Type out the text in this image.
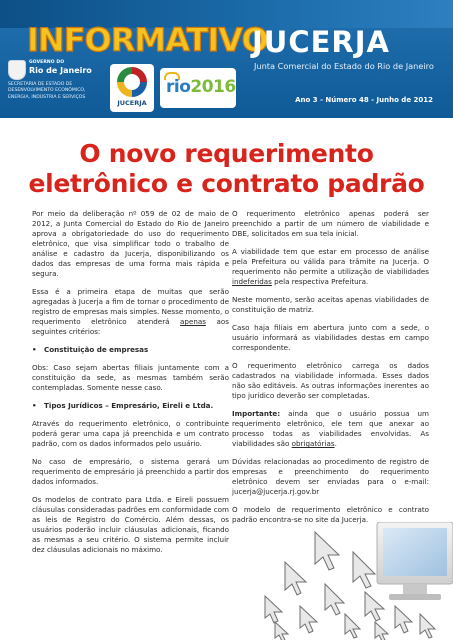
INFORMATIVO
JUCERJA
Junta Comercial do Estado do Rio de Janeiro
GOVERNO DO
Rio de Janeiro
SECRETARIA DE ESTADO DE DESENVOLVIMENTO ECONÔMICO, ENERGIA, INDÚSTRIA E SERVIÇOS
JUCERJA
rio2016
Ano 3 - Número 48 - Junho de 2012
O novo requerimento
eletrônico e contrato padrão

Por meio da deliberação nº 059 de 02 de maio de 2012, a Junta Comercial do Estado do Rio de Janeiro aprova a obrigatoriedade do uso do requerimento eletrônico, que visa simplificar todo o trabalho de análise e cadastro da Jucerja, disponibilizando os dados das empresas de uma forma mais rápida e segura.

Essa é a primeira etapa de muitas que serão agregadas à Jucerja a fim de tornar o procedimento de registro de empresas mais simples. Nesse momento, o requerimento eletrônico atenderá apenas aos seguintes critérios:

• Constituição de empresas

Obs: Caso sejam abertas filiais juntamente com a constituição da sede, as mesmas também serão contempladas. Somente nesse caso.

• Tipos Jurídicos – Empresário, Eireli e Ltda.

Através do requerimento eletrônico, o contribuinte poderá gerar uma capa já preenchida e um contrato padrão, com os dados informados pelo usuário.

No caso de empresário, o sistema gerará um requerimento de empresário já preenchido a partir dos dados informados.

Os modelos de contrato para Ltda. e Eireli possuem cláusulas consideradas padrões em conformidade com as leis de Registro do Comércio. Além dessas, os usuários poderão incluir cláusulas adicionais, ficando as mesmas a seu critério. O sistema permite incluir dez cláusulas adicionais no máximo.

O requerimento eletrônico apenas poderá ser preenchido a partir de um número de viabilidade e DBE, solicitados em sua tela inicial.

A viabilidade tem que estar em processo de análise pela Prefeitura ou válida para trâmite na Jucerja. O requerimento não permite a utilização de viabilidades indeferidas pela respectiva Prefeitura.

Neste momento, serão aceitas apenas viabilidades de constituição de matriz.

Caso haja filiais em abertura junto com a sede, o usuário informará as viabilidades destas em campo correspondente.

O requerimento eletrônico carrega os dados cadastrados na viabilidade informada. Esses dados não são editáveis. As outras informações inerentes ao tipo jurídico deverão ser completadas.

Importante: ainda que o usuário possua um requerimento eletrônico, ele tem que anexar ao processo todas as viabilidades envolvidas. As viabilidades são obrigatórias.

Dúvidas relacionadas ao procedimento de registro de empresas e preenchimento do requerimento eletrônico devem ser enviadas para o e-mail: jucerja@jucerja.rj.gov.br

O modelo de requerimento eletrônico e contrato padrão encontra-se no site da Jucerja.
